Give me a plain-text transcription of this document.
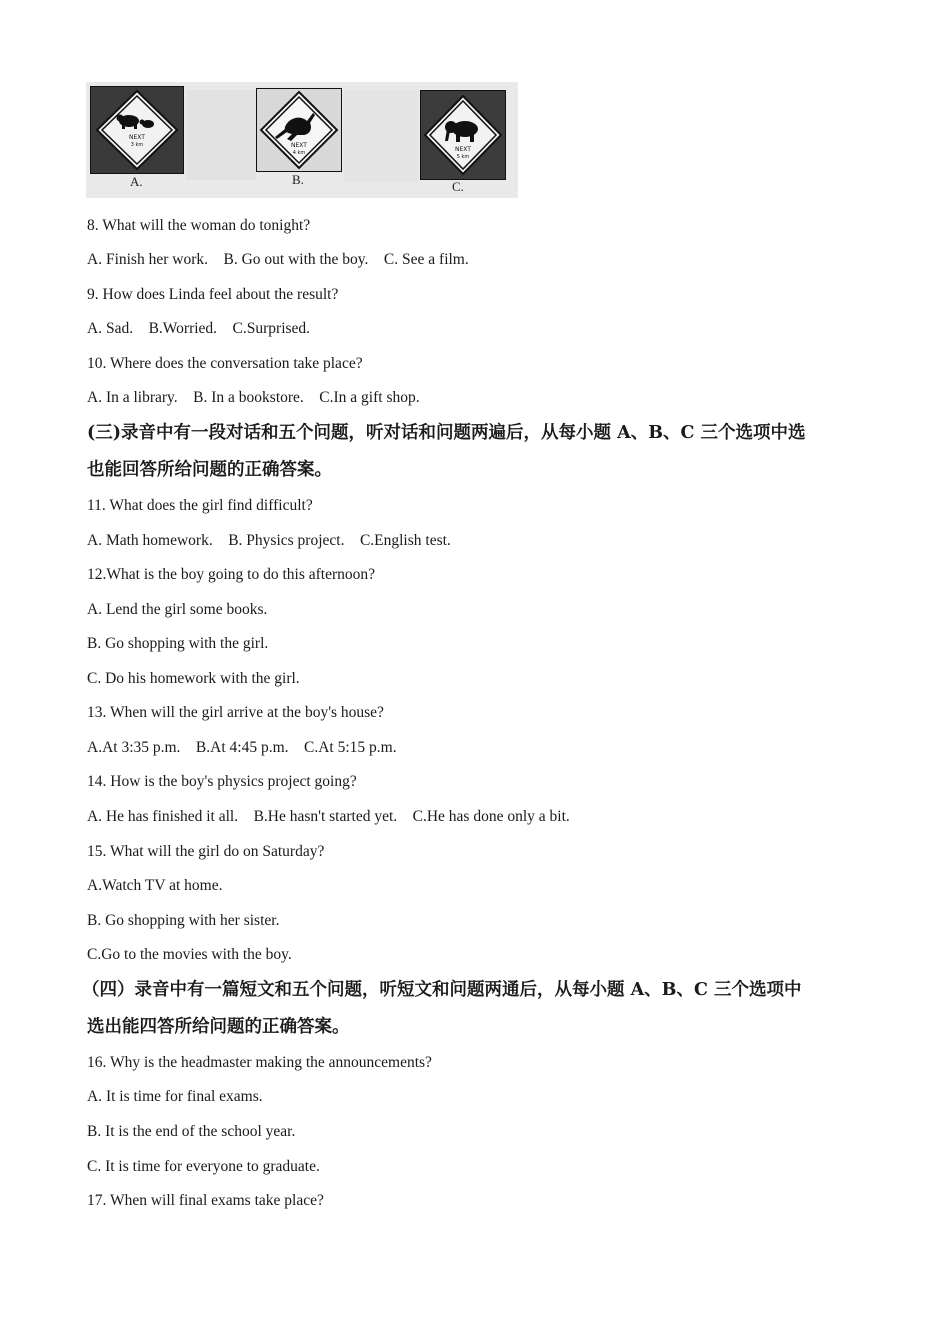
NEXT
3 km
A.
NEXT
4 km
B.
NEXT
5 km
C.
8. What will the woman do tonight?
A. Finish her work.    B. Go out with the boy.    C. See a film.
9. How does Linda feel about the result?
A. Sad.    B.Worried.    C.Surprised.
10. Where does the conversation take place?
A. In a library.    B. In a bookstore.    C.In a gift shop.
(三)录音中有一段对话和五个问题，听对话和问题两遍后，从每小题 A、B、C 三个选项中选
也能回答所给问题的正确答案。
11. What does the girl find difficult?
A. Math homework.    B. Physics project.    C.English test.
12.What is the boy going to do this afternoon?
A. Lend the girl some books.
B. Go shopping with the girl.
C. Do his homework with the girl.
13. When will the girl arrive at the boy's house?
A.At 3:35 p.m.    B.At 4:45 p.m.    C.At 5:15 p.m.
14. How is the boy's physics project going?
A. He has finished it all.    B.He hasn't started yet.    C.He has done only a bit.
15. What will the girl do on Saturday?
A.Watch TV at home.
B. Go shopping with her sister.
C.Go to the movies with the boy.
（四）录音中有一篇短文和五个问题，听短文和问题两通后，从每小题 A、B、C 三个选项中
选出能四答所给问题的正确答案。
16. Why is the headmaster making the announcements?
A. It is time for final exams.
B. It is the end of the school year.
C. It is time for everyone to graduate.
17. When will final exams take place?
